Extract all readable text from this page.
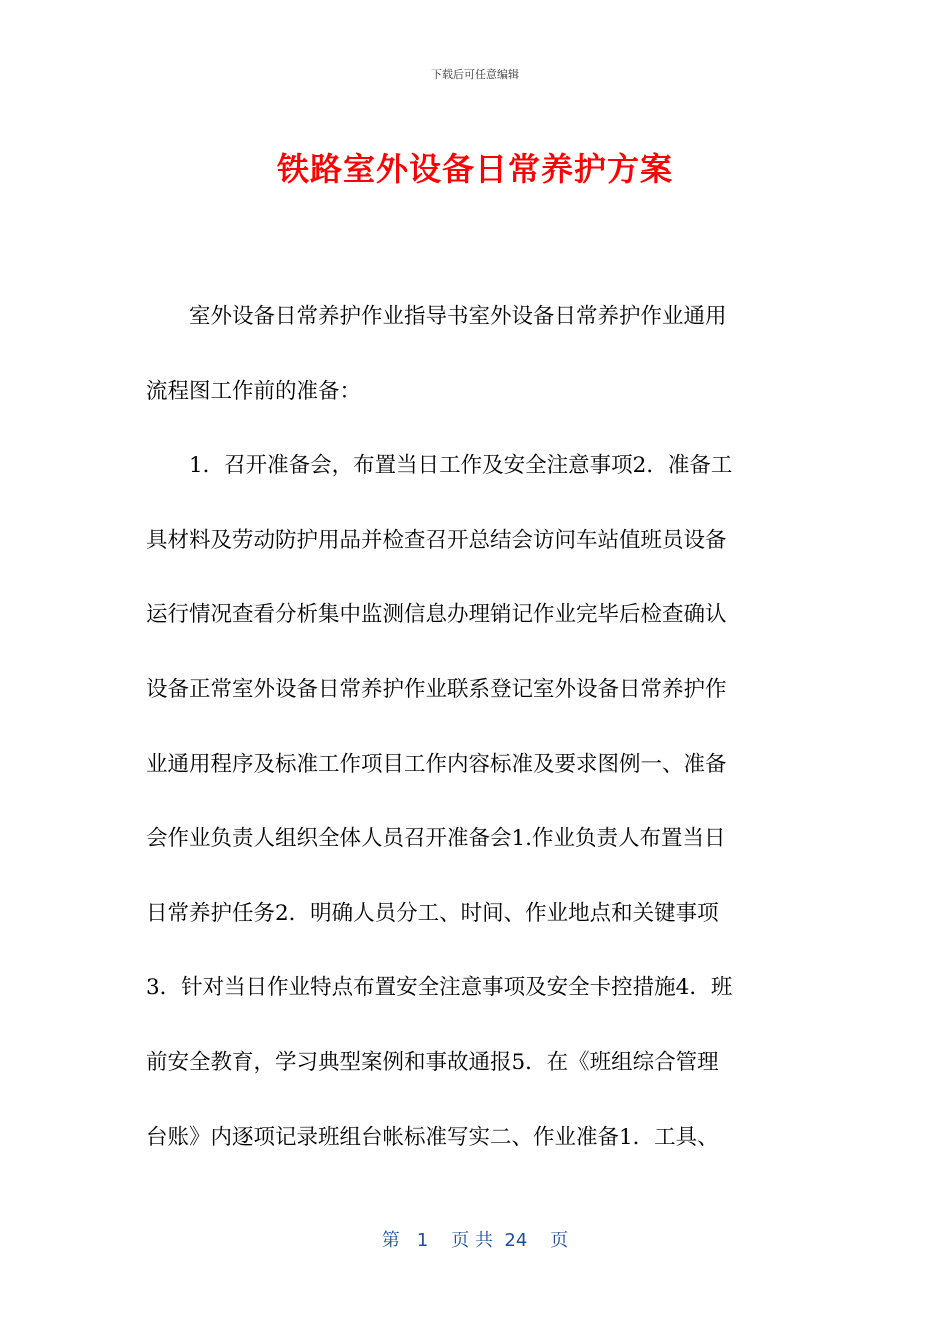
下载后可任意编辑
铁路室外设备日常养护方案
　　室外设备日常养护作业指导书室外设备日常养护作业通用
流程图工作前的准备：
　　1．召开准备会，布置当日工作及安全注意事项2．准备工
具材料及劳动防护用品并检查召开总结会访问车站值班员设备
运行情况查看分析集中监测信息办理销记作业完毕后检查确认
设备正常室外设备日常养护作业联系登记室外设备日常养护作
业通用程序及标准工作项目工作内容标准及要求图例一、准备
会作业负责人组织全体人员召开准备会1.作业负责人布置当日
日常养护任务2．明确人员分工、时间、作业地点和关键事项
3．针对当日作业特点布置安全注意事项及安全卡控措施4．班
前安全教育，学习典型案例和事故通报5．在《班组综合管理
台账》内逐项记录班组台帐标准写实二、作业准备1．工具、
第   1    页 共  24    页
